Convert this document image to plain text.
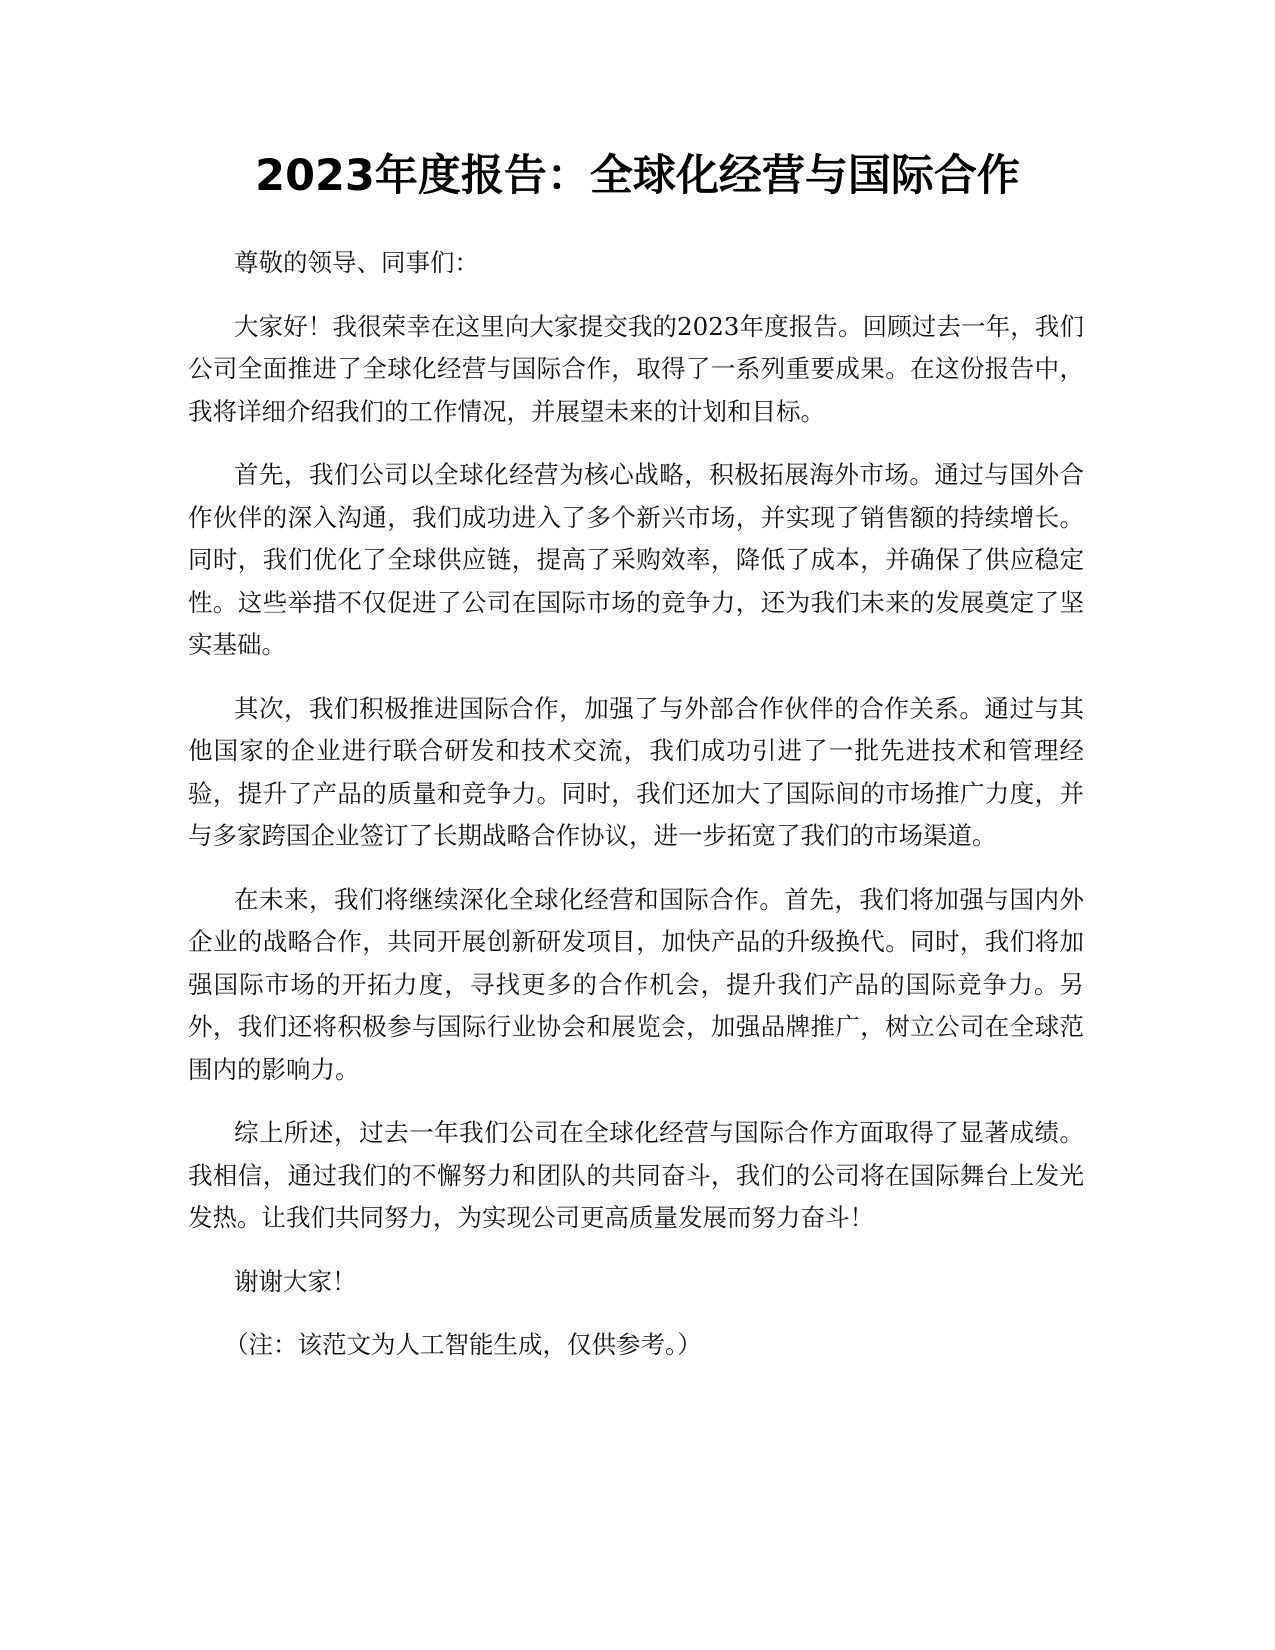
2023年度报告：全球化经营与国际合作

尊敬的领导、同事们：

大家好！我很荣幸在这里向大家提交我的2023年度报告。回顾过去一年，我们公司全面推进了全球化经营与国际合作，取得了一系列重要成果。在这份报告中，我将详细介绍我们的工作情况，并展望未来的计划和目标。

首先，我们公司以全球化经营为核心战略，积极拓展海外市场。通过与国外合作伙伴的深入沟通，我们成功进入了多个新兴市场，并实现了销售额的持续增长。同时，我们优化了全球供应链，提高了采购效率，降低了成本，并确保了供应稳定性。这些举措不仅促进了公司在国际市场的竞争力，还为我们未来的发展奠定了坚实基础。

其次，我们积极推进国际合作，加强了与外部合作伙伴的合作关系。通过与其他国家的企业进行联合研发和技术交流，我们成功引进了一批先进技术和管理经验，提升了产品的质量和竞争力。同时，我们还加大了国际间的市场推广力度，并与多家跨国企业签订了长期战略合作协议，进一步拓宽了我们的市场渠道。

在未来，我们将继续深化全球化经营和国际合作。首先，我们将加强与国内外企业的战略合作，共同开展创新研发项目，加快产品的升级换代。同时，我们将加强国际市场的开拓力度，寻找更多的合作机会，提升我们产品的国际竞争力。另外，我们还将积极参与国际行业协会和展览会，加强品牌推广，树立公司在全球范围内的影响力。

综上所述，过去一年我们公司在全球化经营与国际合作方面取得了显著成绩。我相信，通过我们的不懈努力和团队的共同奋斗，我们的公司将在国际舞台上发光发热。让我们共同努力，为实现公司更高质量发展而努力奋斗！

谢谢大家！

（注：该范文为人工智能生成，仅供参考。）
